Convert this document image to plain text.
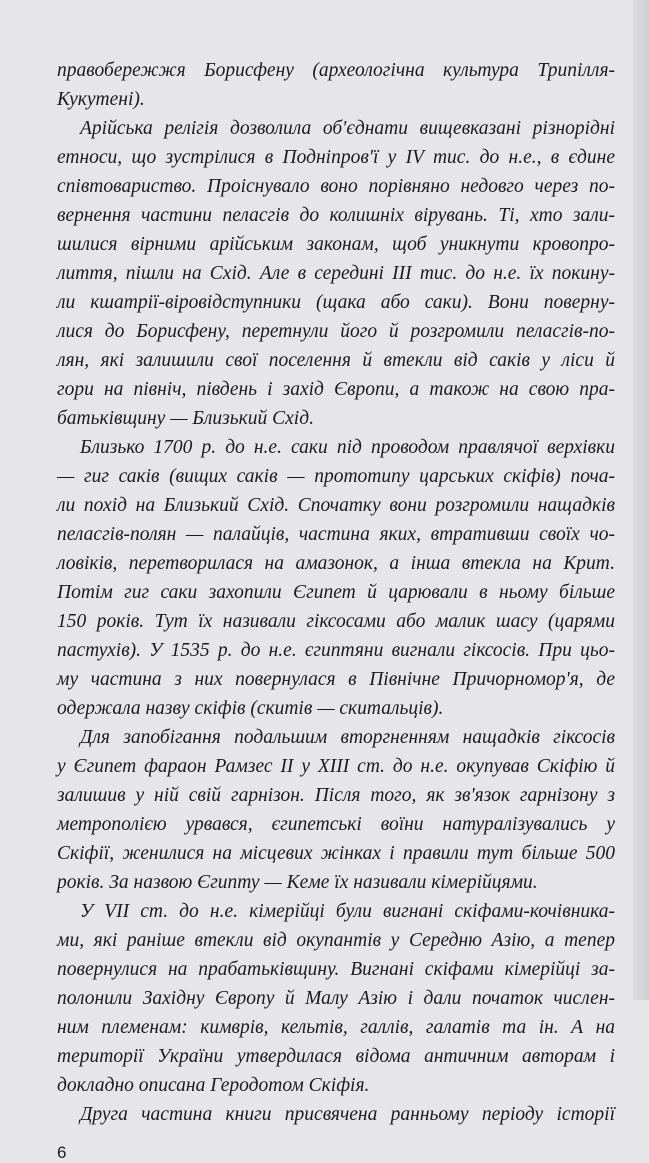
правобережжя Борисфену (археологічна культура Трипілля-
Кукутені).
Арійська релігія дозволила об'єднати вищевказані різнорідні
етноси, що зустрілися в Подніпров'ї у IV тис. до н.е., в єдине
співтовариство. Проіснувало воно порівняно недовго через по-
вернення частини пеласгів до колишніх вірувань. Ті, хто зали-
шилися вірними арійським законам, щоб уникнути кровопро-
лиття, пішли на Схід. Але в середині III тис. до н.е. їх покину-
ли кшатрії-віровідступники (щака або саки). Вони поверну-
лися до Борисфену, перетнули його й розгромили пеласгів-по-
лян, які залишили свої поселення й втекли від саків у ліси й
гори на північ, південь і захід Європи, а також на свою пра-
батьківщину — Близький Схід.
Близько 1700 р. до н.е. саки під проводом правлячої верхівки
— гиг саків (вищих саків — прототипу царських скіфів) поча-
ли похід на Близький Схід. Спочатку вони розгромили нащадків
пеласгів-полян — палайців, частина яких, втративши своїх чо-
ловіків, перетворилася на амазонок, а інша втекла на Крит.
Потім гиг саки захопили Єгипет й царювали в ньому більше
150 років. Тут їх називали гіксосами або малик шасу (царями
пастухів). У 1535 р. до н.е. єгиптяни вигнали гіксосів. При цьо-
му частина з них повернулася в Північне Причорномор'я, де
одержала назву скіфів (скитів — скитальців).
Для запобігання подальшим вторгненням нащадків гіксосів
у Єгипет фараон Рамзес II у XIII ст. до н.е. окупував Скіфію й
залишив у ній свій гарнізон. Після того, як зв'язок гарнізону з
метрополією урвався, єгипетські воїни натуралізувались у
Скіфії, женилися на місцевих жінках і правили тут більше 500
років. За назвою Єгипту — Keме їх називали кімерійцями.
У VII ст. до н.е. кімерійці були вигнані скіфами-кочівника-
ми, які раніше втекли від окупантів у Середню Азію, а тепер
повернулися на прабатьківщину. Вигнані скіфами кімерійці за-
полонили Західну Європу й Малу Азію і дали початок числен-
ним племенам: кимврів, кельтів, галлів, галатів та ін. А на
території України утвердилася відома античним авторам і
докладно описана Геродотом Скіфія.
Друга частина книги присвячена ранньому періоду історії
6
